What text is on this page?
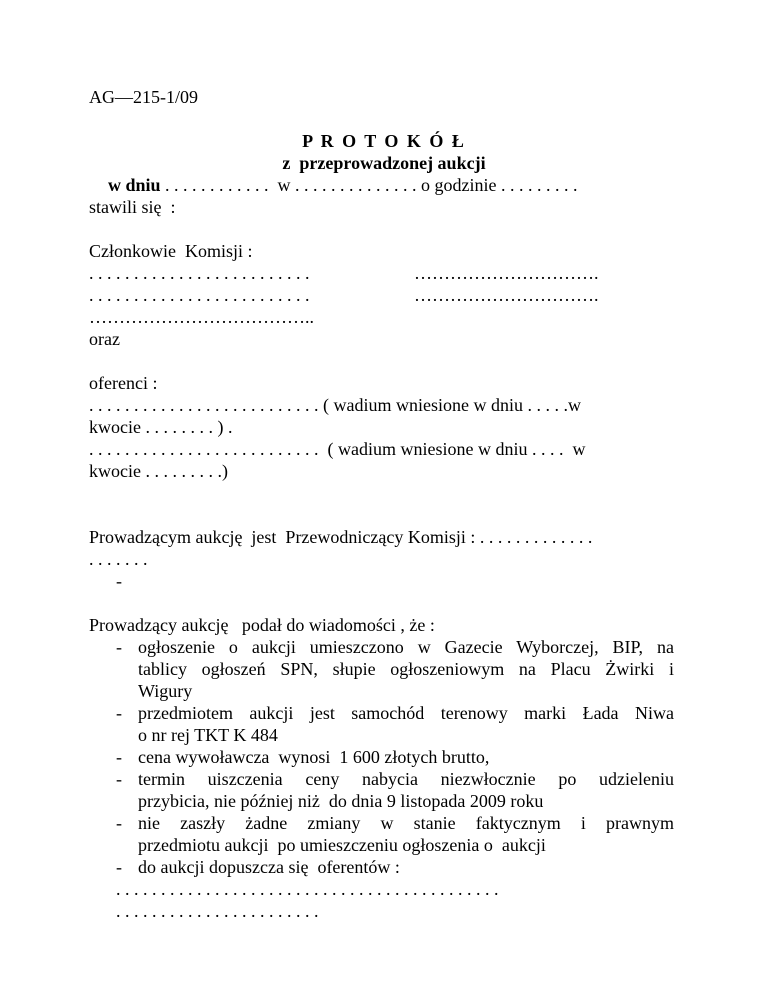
AG—215-1/09
P R O T O K Ó Ł
z  przeprowadzonej aukcji
w dniu . . . . . . . . . . . .  w . . . . . . . . . . . . . . o godzinie . . . . . . . . .
stawili się  :
Członkowie  Komisji :
. . . . . . . . . . . . . . . . . . . . . . . . .	………………………….
. . . . . . . . . . . . . . . . . . . . . . . . .	………………………….
………………………………..
oraz
oferenci :
. . . . . . . . . . . . . . . . . . . . . . . . . . ( wadium wniesione w dniu . . . . .w
kwocie . . . . . . . . ) .
. . . . . . . . . . . . . . . . . . . . . . . . . .  ( wadium wniesione w dniu . . . .  w
kwocie . . . . . . . . .)
Prowadzącym aukcję  jest  Przewodniczący Komisji : . . . . . . . . . . . . .
. . . . . . .
-
Prowadzący aukcję   podał do wiadomości , że :
- ogłoszenie o aukcji umieszczono w Gazecie Wyborczej, BIP, na
tablicy ogłoszeń SPN, słupie ogłoszeniowym na Placu Żwirki i
Wigury
- przedmiotem aukcji jest samochód terenowy marki Łada Niwa
o nr rej TKT K 484
- cena wywoławcza  wynosi  1 600 złotych brutto,
- termin uiszczenia ceny nabycia niezwłocznie po udzieleniu
przybicia, nie później niż  do dnia 9 listopada 2009 roku
- nie zaszły żadne zmiany w stanie faktycznym i prawnym
przedmiotu aukcji  po umieszczeniu ogłoszenia o  aukcji
- do aukcji dopuszcza się  oferentów :
. . . . . . . . . . . . . . . . . . . . . . . . . . . . . . . . . . . . . . . . . . .
. . . . . . . . . . . . . . . . . . . . . . .
